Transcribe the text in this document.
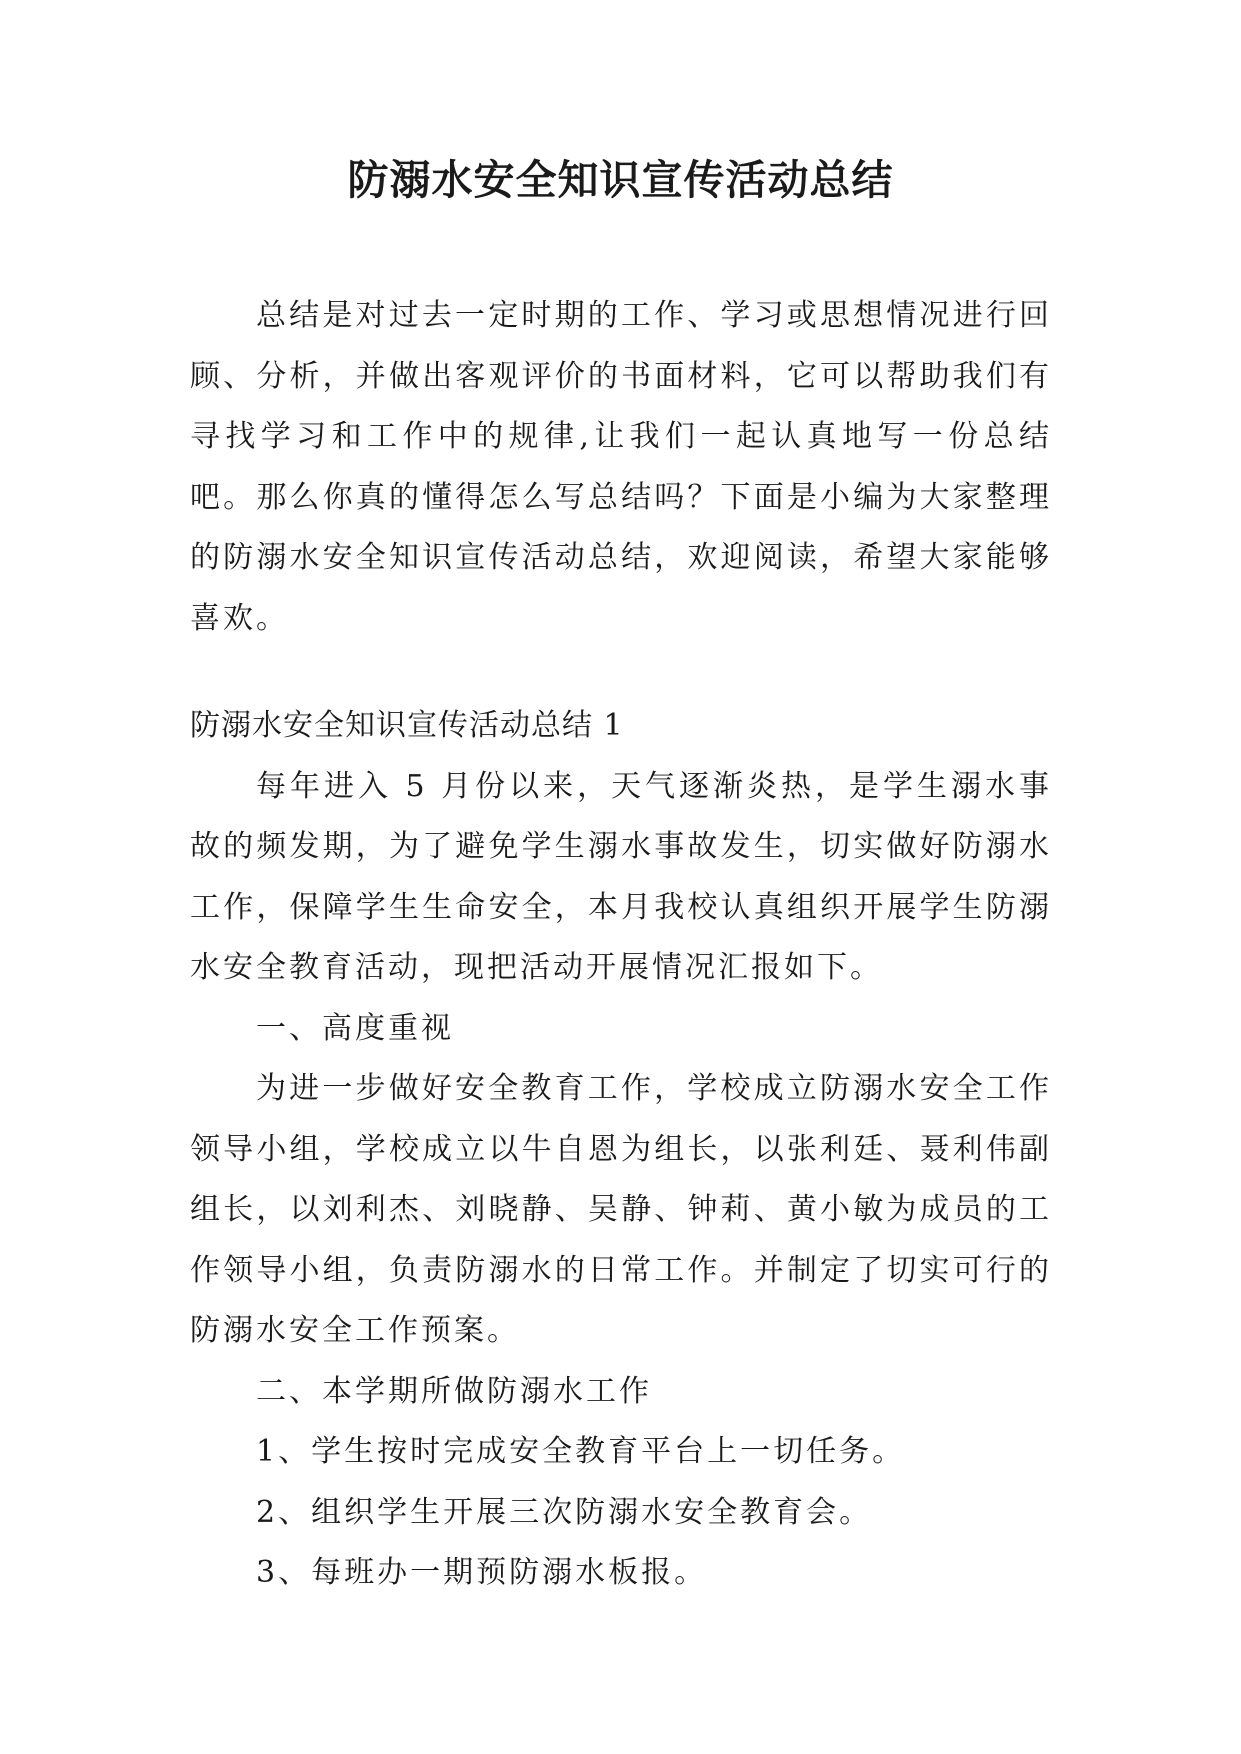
防溺水安全知识宣传活动总结

总结是对过去一定时期的工作、学习或思想情况进行回顾、分析，并做出客观评价的书面材料，它可以帮助我们有寻找学习和工作中的规律,让我们一起认真地写一份总结吧。那么你真的懂得怎么写总结吗？下面是小编为大家整理的防溺水安全知识宣传活动总结，欢迎阅读，希望大家能够喜欢。

防溺水安全知识宣传活动总结 1

每年进入 5 月份以来，天气逐渐炎热，是学生溺水事故的频发期，为了避免学生溺水事故发生，切实做好防溺水工作，保障学生生命安全，本月我校认真组织开展学生防溺水安全教育活动，现把活动开展情况汇报如下。

一、高度重视

为进一步做好安全教育工作，学校成立防溺水安全工作领导小组，学校成立以牛自恩为组长，以张利廷、聂利伟副组长，以刘利杰、刘晓静、吴静、钟莉、黄小敏为成员的工作领导小组，负责防溺水的日常工作。并制定了切实可行的防溺水安全工作预案。

二、本学期所做防溺水工作

1、学生按时完成安全教育平台上一切任务。

2、组织学生开展三次防溺水安全教育会。

3、每班办一期预防溺水板报。
